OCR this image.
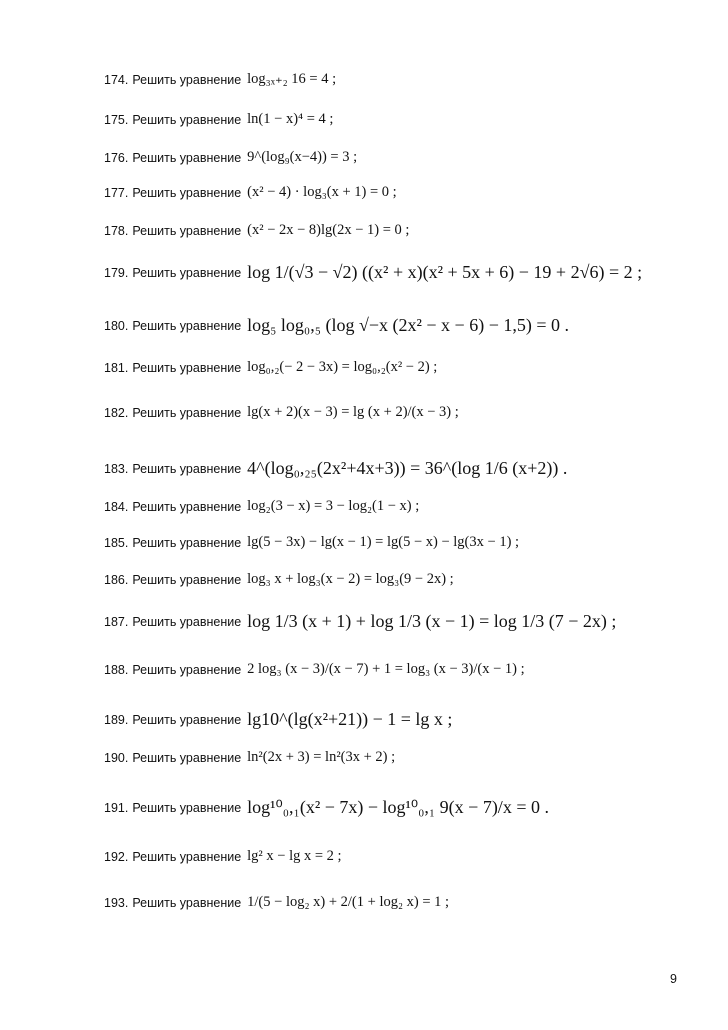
174. Решить уравнение log₃ₓ₊₂ 16 = 4 ;
175. Решить уравнение ln(1 − x)⁴ = 4 ;
176. Решить уравнение 9^(log₉(x−4)) = 3 ;
177. Решить уравнение (x² − 4) · log₃(x + 1) = 0 ;
178. Решить уравнение (x² − 2x − 8)lg(2x − 1) = 0 ;
179. Решить уравнение log 1/(√3 − √2) ((x² + x)(x² + 5x + 6) − 19 + 2√6) = 2 ;
180. Решить уравнение log₅ log₀,₅ (log √−x (2x² − x − 6) − 1,5) = 0 .
181. Решить уравнение log₀,₂(− 2 − 3x) = log₀,₂(x² − 2) ;
182. Решить уравнение lg(x + 2)(x − 3) = lg (x + 2)/(x − 3) ;
183. Решить уравнение 4^(log₀,₂₅(2x²+4x+3)) = 36^(log 1/6 (x+2)) .
184. Решить уравнение log₂(3 − x) = 3 − log₂(1 − x) ;
185. Решить уравнение lg(5 − 3x) − lg(x − 1) = lg(5 − x) − lg(3x − 1) ;
186. Решить уравнение log₃ x + log₃(x − 2) = log₃(9 − 2x) ;
187. Решить уравнение log 1/3 (x + 1) + log 1/3 (x − 1) = log 1/3 (7 − 2x) ;
188. Решить уравнение 2 log₃ (x − 3)/(x − 7) + 1 = log₃ (x − 3)/(x − 1) ;
189. Решить уравнение lg10^(lg(x²+21)) − 1 = lg x ;
190. Решить уравнение ln²(2x + 3) = ln²(3x + 2) ;
191. Решить уравнение log¹⁰₀,₁(x² − 7x) − log¹⁰₀,₁ 9(x − 7)/x = 0 .
192. Решить уравнение lg² x − lg x = 2 ;
193. Решить уравнение 1/(5 − log₂ x) + 2/(1 + log₂ x) = 1 ;
9
